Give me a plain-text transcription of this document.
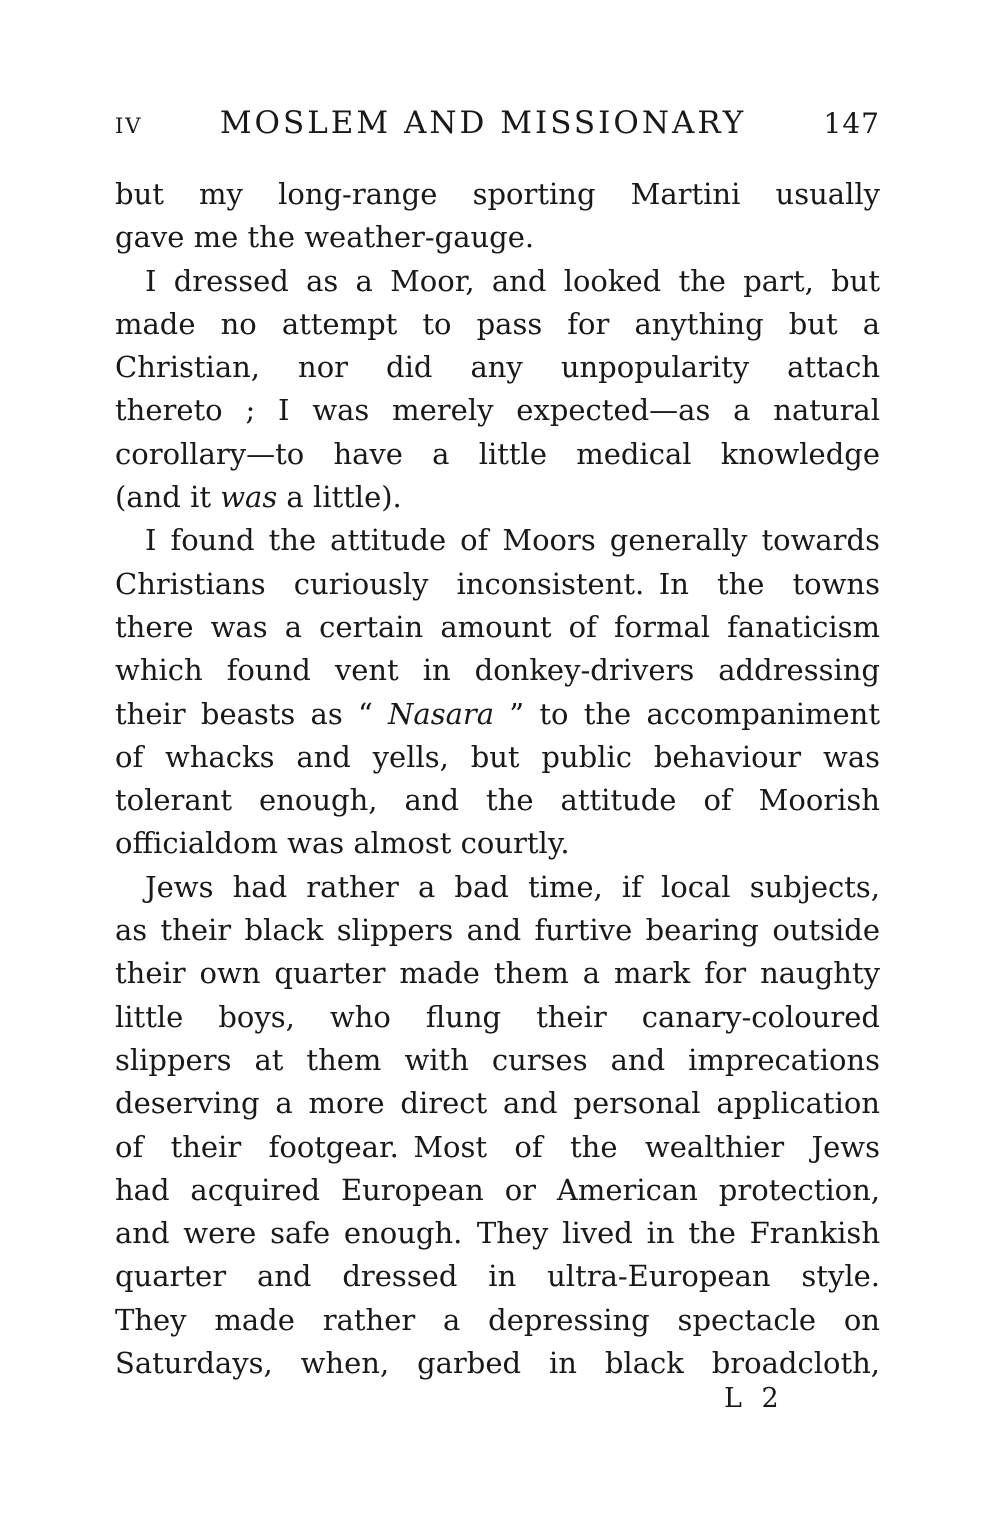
IV	MOSLEM AND MISSIONARY	147
but my long-range sporting Martini usually
gave me the weather-gauge.
I dressed as a Moor, and looked the part, but
made no attempt to pass for anything but a
Christian, nor did any unpopularity attach
thereto ; I was merely expected—as a natural
corollary—to have a little medical knowledge
(and it was a little).
I found the attitude of Moors generally towards
Christians curiously inconsistent. In the towns
there was a certain amount of formal fanaticism
which found vent in donkey-drivers addressing
their beasts as “ Nasara ” to the accompaniment
of whacks and yells, but public behaviour was
tolerant enough, and the attitude of Moorish
officialdom was almost courtly.
Jews had rather a bad time, if local subjects,
as their black slippers and furtive bearing outside
their own quarter made them a mark for naughty
little boys, who flung their canary-coloured
slippers at them with curses and imprecations
deserving a more direct and personal application
of their footgear. Most of the wealthier Jews
had acquired European or American protection,
and were safe enough. They lived in the Frankish
quarter and dressed in ultra-European style.
They made rather a depressing spectacle on
Saturdays, when, garbed in black broadcloth,
L 2
